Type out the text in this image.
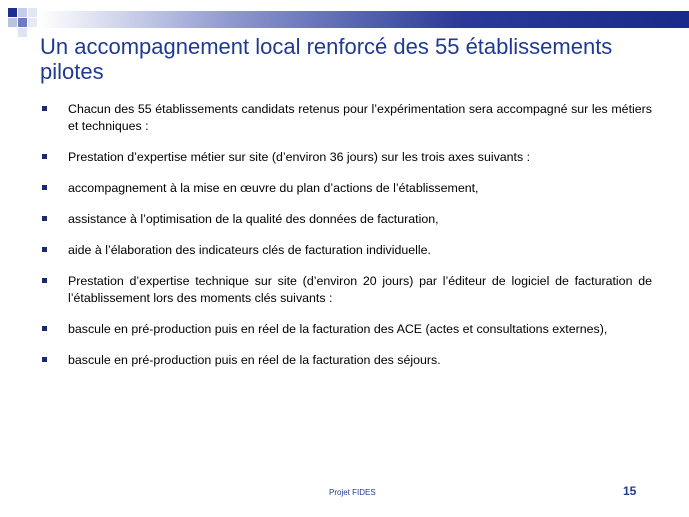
Un accompagnement local renforcé des 55 établissements pilotes
Chacun des 55 établissements candidats retenus pour l’expérimentation sera accompagné sur les métiers et techniques :
Prestation d’expertise métier sur site (d’environ 36 jours) sur les trois axes suivants :
accompagnement à la mise en œuvre du plan d’actions de l’établissement,
assistance à l’optimisation de la qualité des données de facturation,
aide à l’élaboration des indicateurs clés de facturation individuelle.
Prestation d’expertise technique sur site (d’environ 20 jours) par l’éditeur de logiciel de facturation de l’établissement lors des moments clés suivants :
bascule en pré-production puis en réel de la facturation des ACE (actes et consultations externes),
bascule en pré-production puis en réel de la facturation des séjours.
Projet FIDES	15
